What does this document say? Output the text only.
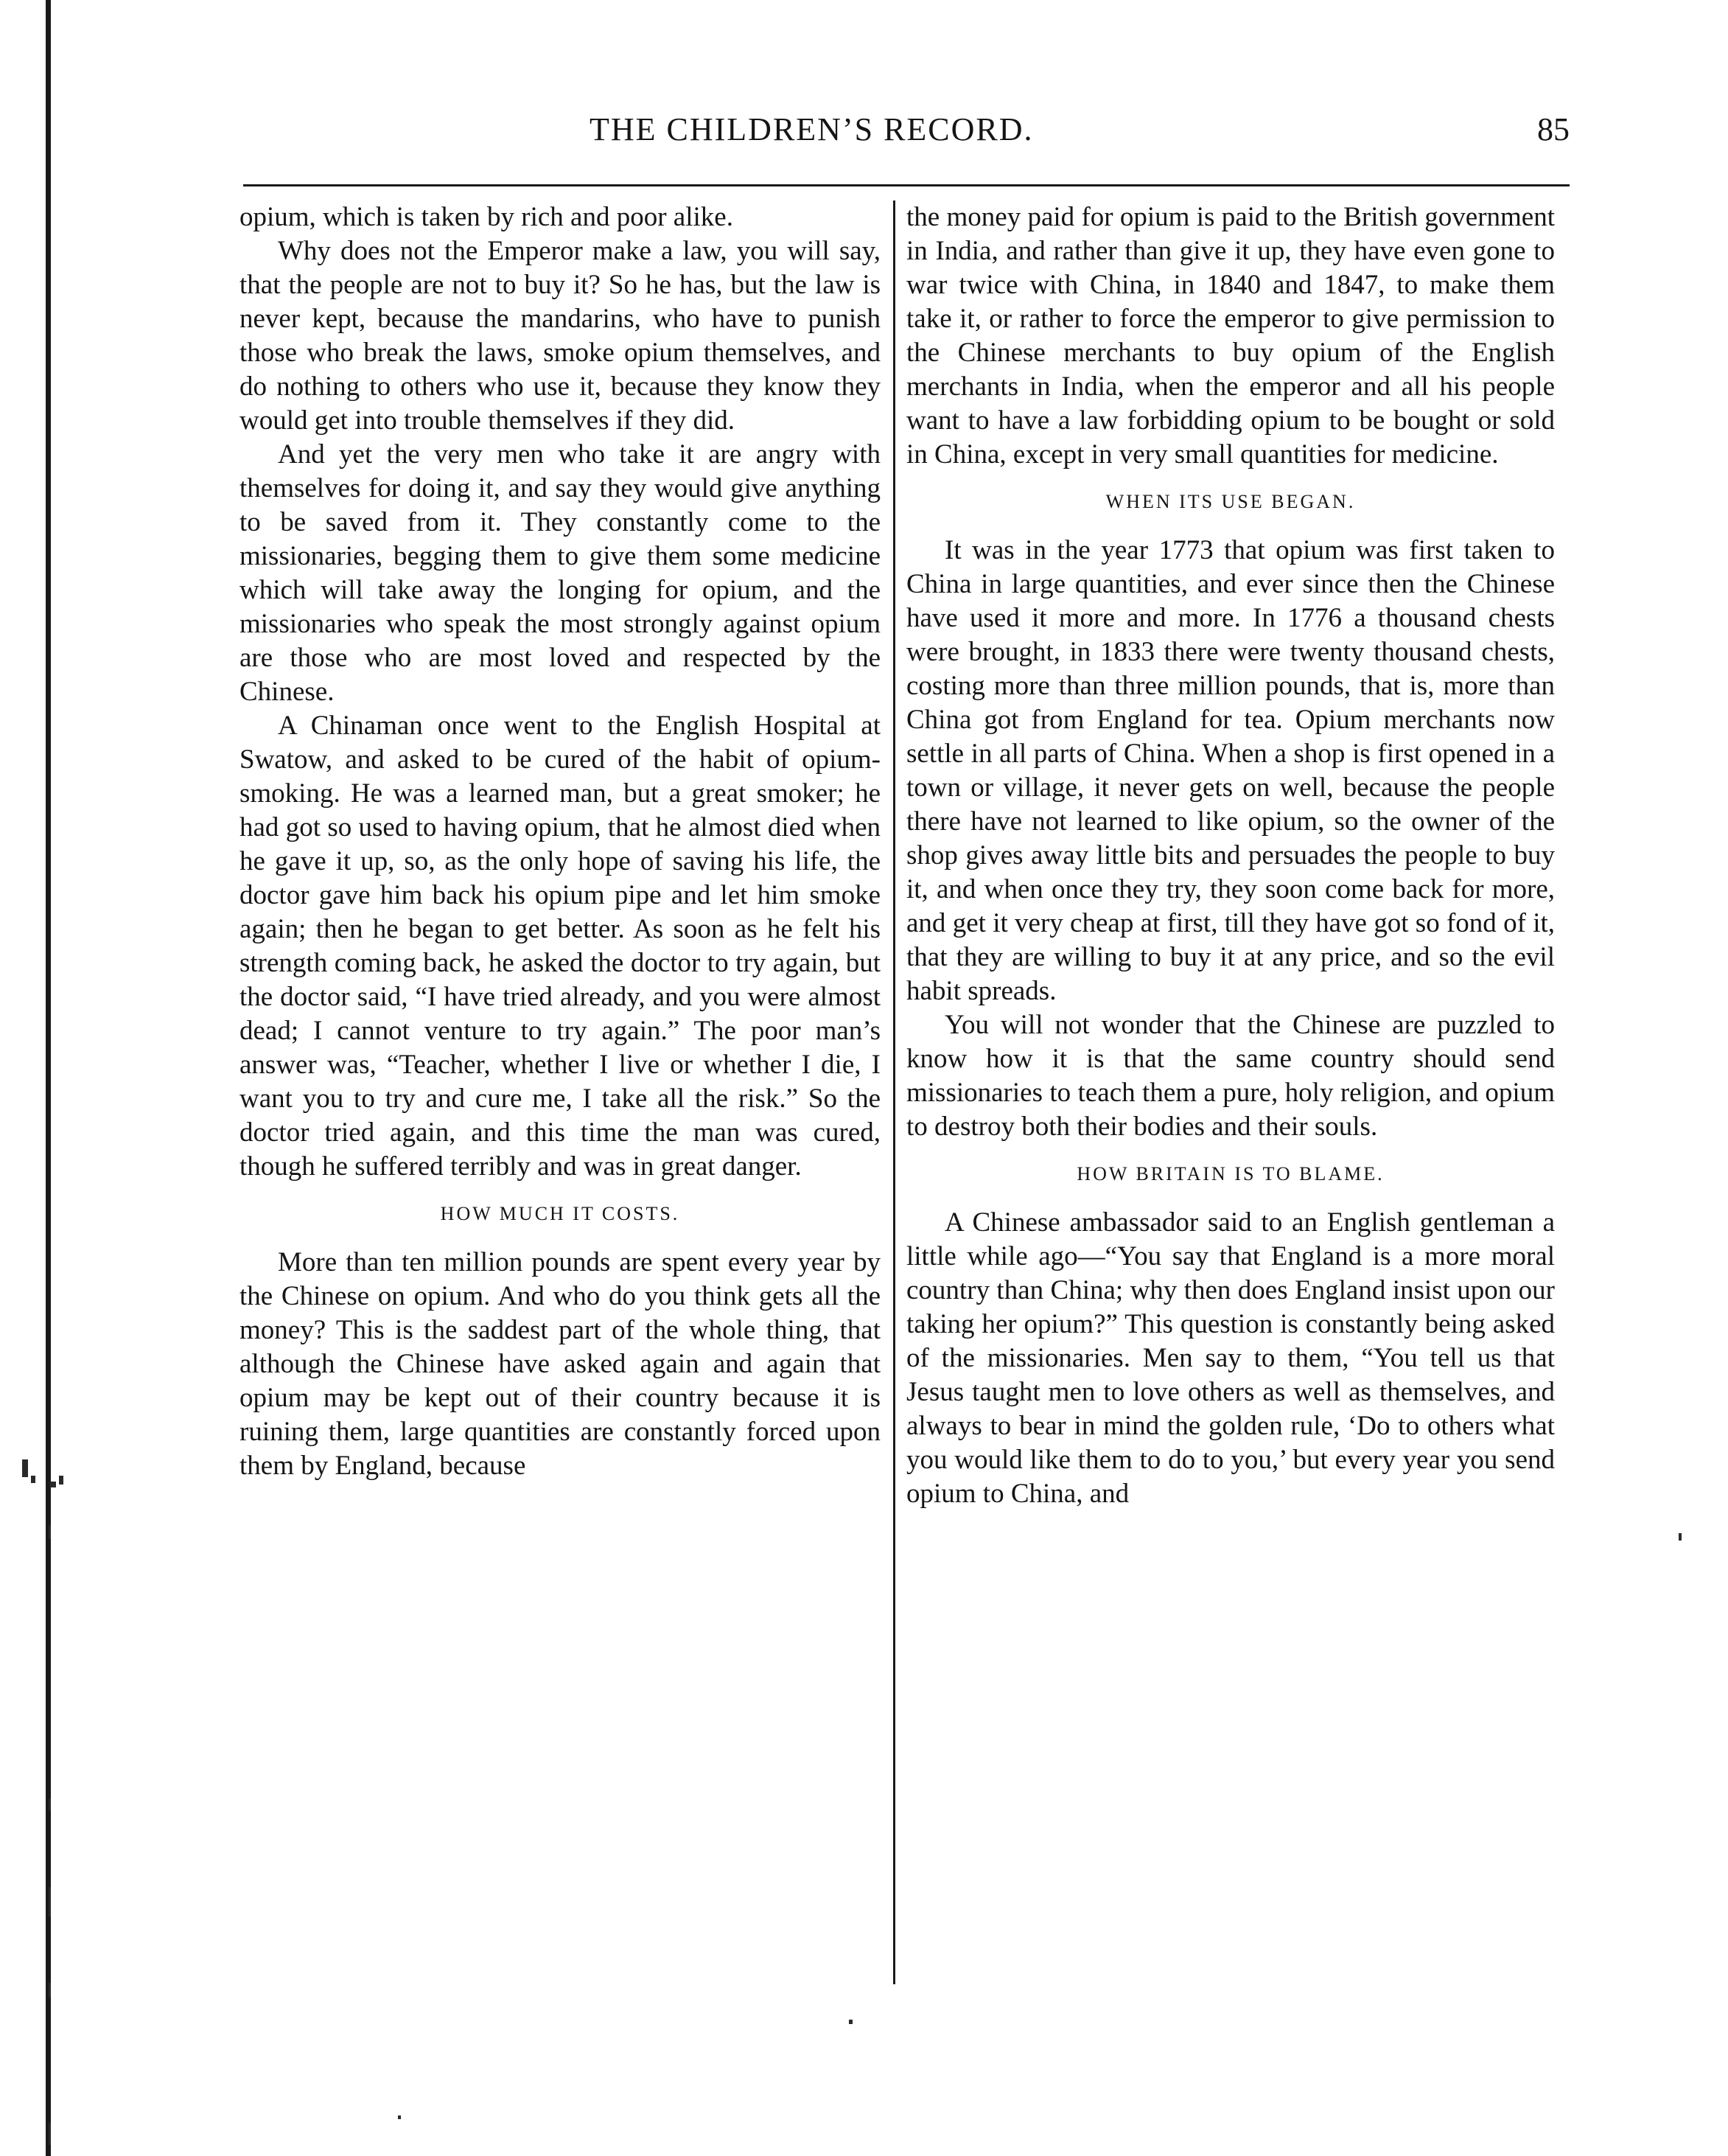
THE CHILDREN’S RECORD.	85

opium, which is taken by rich and poor alike.

Why does not the Emperor make a law, you will say, that the people are not to buy it? So he has, but the law is never kept, because the mandarins, who have to punish those who break the laws, smoke opium themselves, and do nothing to others who use it, because they know they would get into trouble themselves if they did.

And yet the very men who take it are angry with themselves for doing it, and say they would give anything to be saved from it. They constantly come to the missionaries, begging them to give them some medicine which will take away the longing for opium, and the missionaries who speak the most strongly against opium are those who are most loved and respected by the Chinese.

A Chinaman once went to the English Hospital at Swatow, and asked to be cured of the habit of opium-smoking. He was a learned man, but a great smoker; he had got so used to having opium, that he almost died when he gave it up, so, as the only hope of saving his life, the doctor gave him back his opium pipe and let him smoke again; then he began to get better. As soon as he felt his strength coming back, he asked the doctor to try again, but the doctor said, “I have tried already, and you were almost dead; I cannot venture to try again.” The poor man’s answer was, “Teacher, whether I live or whether I die, I want you to try and cure me, I take all the risk.” So the doctor tried again, and this time the man was cured, though he suffered terribly and was in great danger.

HOW MUCH IT COSTS.

More than ten million pounds are spent every year by the Chinese on opium. And who do you think gets all the money? This is the saddest part of the whole thing, that although the Chinese have asked again and again that opium may be kept out of their country because it is ruining them, large quantities are constantly forced upon them by England, because

the money paid for opium is paid to the British government in India, and rather than give it up, they have even gone to war twice with China, in 1840 and 1847, to make them take it, or rather to force the emperor to give permission to the Chinese merchants to buy opium of the English merchants in India, when the emperor and all his people want to have a law forbidding opium to be bought or sold in China, except in very small quantities for medicine.

WHEN ITS USE BEGAN.

It was in the year 1773 that opium was first taken to China in large quantities, and ever since then the Chinese have used it more and more. In 1776 a thousand chests were brought, in 1833 there were twenty thousand chests, costing more than three million pounds, that is, more than China got from England for tea. Opium merchants now settle in all parts of China. When a shop is first opened in a town or village, it never gets on well, because the people there have not learned to like opium, so the owner of the shop gives away little bits and persuades the people to buy it, and when once they try, they soon come back for more, and get it very cheap at first, till they have got so fond of it, that they are willing to buy it at any price, and so the evil habit spreads.

You will not wonder that the Chinese are puzzled to know how it is that the same country should send missionaries to teach them a pure, holy religion, and opium to destroy both their bodies and their souls.

HOW BRITAIN IS TO BLAME.

A Chinese ambassador said to an English gentleman a little while ago—“You say that England is a more moral country than China; why then does England insist upon our taking her opium?” This question is constantly being asked of the missionaries. Men say to them, “You tell us that Jesus taught men to love others as well as themselves, and always to bear in mind the golden rule, ‘Do to others what you would like them to do to you,’ but every year you send opium to China, and
